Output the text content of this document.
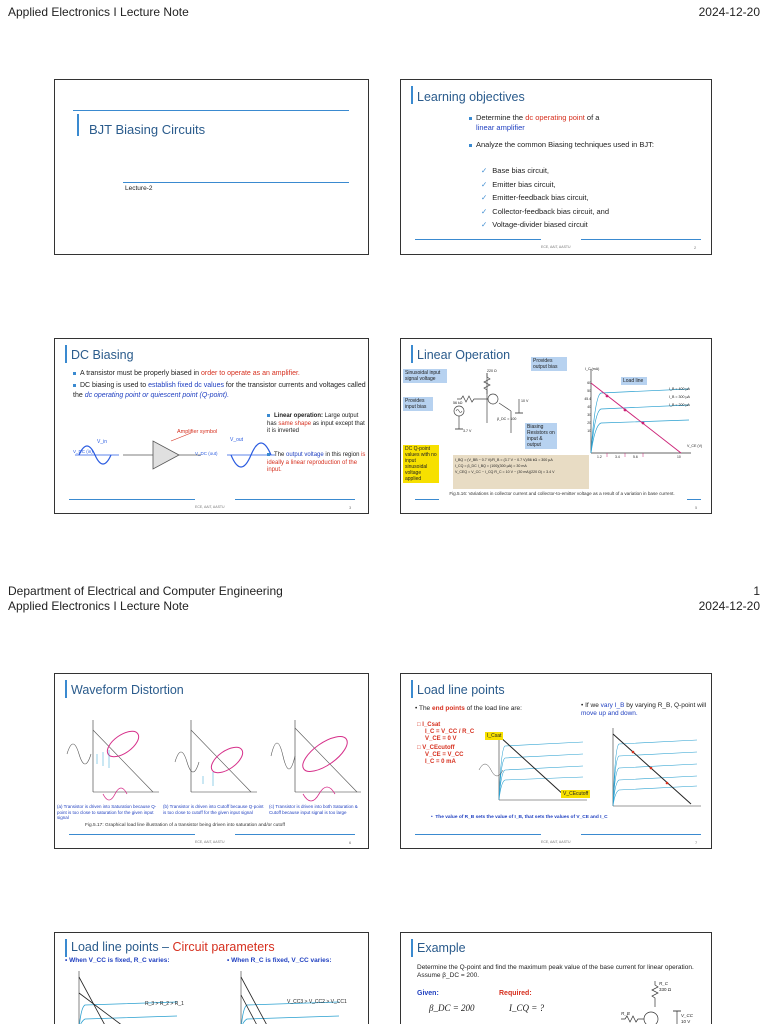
Applied Electronics I Lecture Note	2024-12-20
BJT Biasing Circuits
Lecture-2
Learning objectives
Determine the dc operating point of a
linear amplifier
Analyze the common Biasing techniques used in BJT:
✓ Base bias circuit,
✓ Emitter bias circuit,
✓ Emitter-feedback bias circuit,
✓ Collector-feedback bias circuit, and
✓ Voltage-divider biased circuit
ECE, AAiT, AASTU	2
DC Biasing
A transistor must be properly biased in order to operate as an amplifier.
DC biasing is used to establish fixed dc values for the transistor currents and voltages called the dc operating point or quiescent point (Q-point).
Amplifier symbol
V_in
V_DC (in)
V_out
V_DC (out)
Linear operation: Large output has same shape as input except that it is inverted
The output voltage in this region is ideally a linear reproduction of the input.
ECE, AAiT, AASTU	3
Linear Operation	Provides output bias
Sinusoidal input signal voltage
Provides input bias
Biasing Resistors on input & output
DC Q-point values with no input sinusoidal voltage applied
Load line
220 Ω
56 kΩ	10 V
3.7 V
β_DC = 100
I_BQ = (V_BB − 0.7 V)/R_B = (3.7 V − 0.7 V)/56 kΩ = 300 µA
I_CQ = β_DC I_BQ = (100)(300 µA) = 30 mA
V_CEQ = V_CC − I_CQ R_C = 10 V − (30 mA)(220 Ω) = 3.4 V
I_C (mA)
V_CE (V)
I_B = 400 µA
I_B = 300 µA
I_B = 200 µA
60
50
45.4
40
30
20
10
1.2	3.4	5.6	10
Fig.5.16: Variations in collector current and collector-to-emitter voltage as a result of a variation in base current.
5
Department of Electrical and Computer Engineering	1
Applied Electronics I Lecture Note	2024-12-20
Waveform Distortion
(a) Transistor is driven into Saturation because Q-point is too close to saturation for the given input signal
(b) Transistor is driven into Cutoff because Q-point is too close to cutoff for the given input signal
(c) Transistor is driven into both Saturation & Cutoff because input signal is too large
Fig.5.17: Graphical load line illustration of a transistor being driven into saturation and/or cutoff
ECE, AAiT, AASTU	6
Load line points
• The end points of the load line are:	• If we vary I_B by varying R_B, Q-point will move up and down.
□ I_Csat
I_C = V_CC / R_C
V_CE = 0 V
□ V_CEcutoff
V_CE = V_CC
I_C = 0 mA
I_Csat
V_CEcutoff
•  The value of R_B sets the value of I_B, that sets the values of V_CE and I_C
ECE, AAiT, AASTU	7
Load line points – Circuit parameters
• When V_CC is fixed, R_C varies:	• When R_C is fixed, V_CC varies:
R_3 > R_2 > R_1	V_CC3 > V_CC2 > V_CC1
Example
Determine the Q-point and find the maximum peak value of the base current for linear operation. Assume β_DC = 200.
Given:	Required:
β_DC = 200	I_CQ = ?
R_C
330 Ω
R_B	V_CC
10 V
